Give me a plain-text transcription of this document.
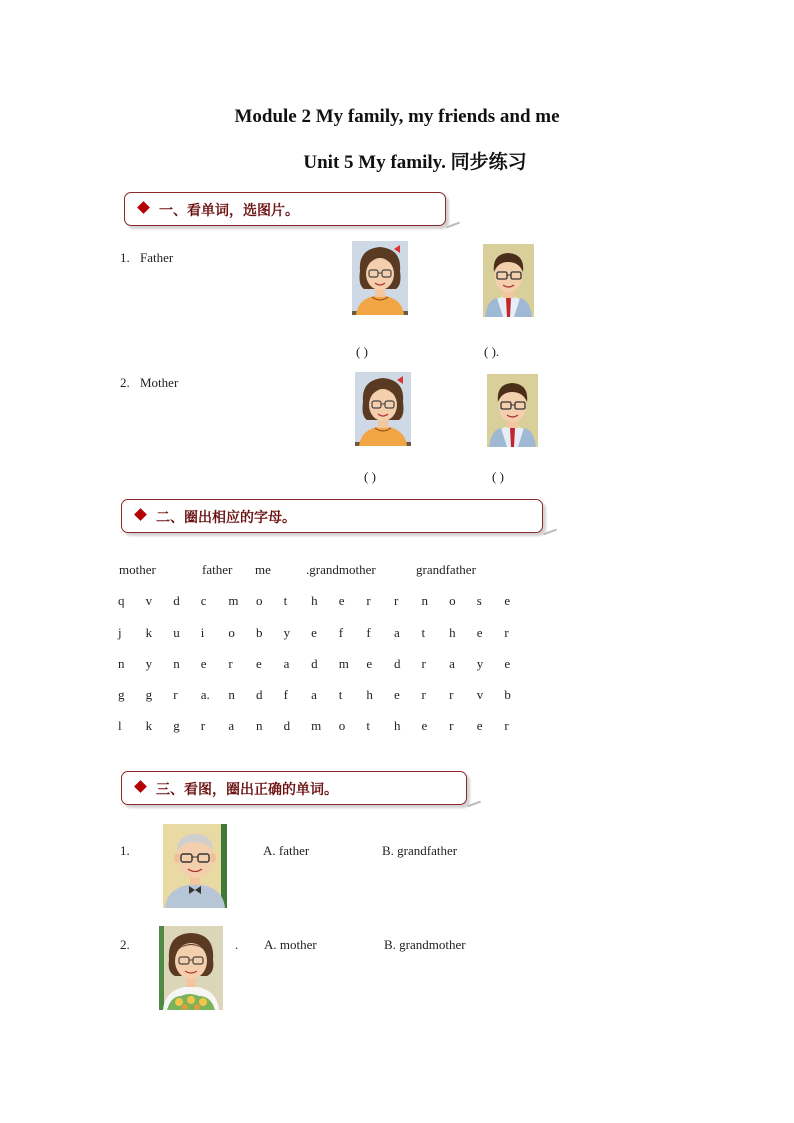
Module 2 My family, my friends and me
Unit 5 My family. 同步练习
一、看单词，选图片。
1. Father
( )	( ).
2. Mother
( )	( )
二、圈出相应的字母。
mother	father me	.grandmother	grandfather
q	v	d	c	m	o	t	h	e	r	r	n	o	s	e
j	k	u	i	o	b	y	e	f	f	a	t	h	e	r
n	y	n	e	r	e	a	d	m	e	d	r	a	y	e
g	g	r	a.	n	d	f	a	t	h	e	r	r	v	b
l	k	g	r	a	n	d	m	o	t	h	e	r	e	r
三、看图，圈出正确的单词。
1.	A. father	B. grandfather
2.	. A. mother	B. grandmother
